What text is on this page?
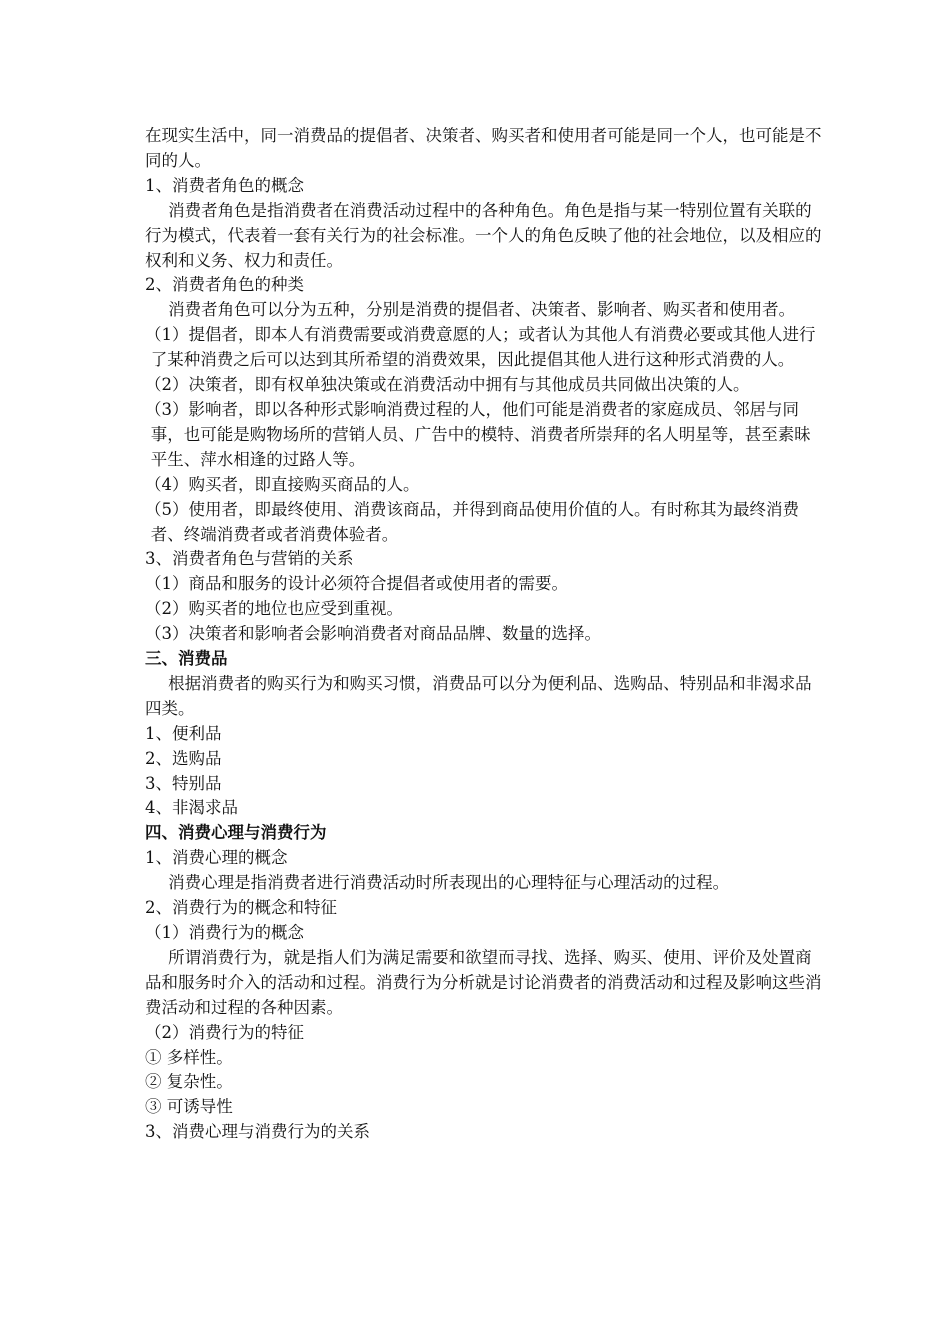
在现实生活中，同一消费品的提倡者、决策者、购买者和使用者可能是同一个人，也可能是不同的人。

1、消费者角色的概念

消费者角色是指消费者在消费活动过程中的各种角色。角色是指与某一特别位置有关联的行为模式，代表着一套有关行为的社会标准。一个人的角色反映了他的社会地位，以及相应的权利和义务、权力和责任。

2、消费者角色的种类

消费者角色可以分为五种，分别是消费的提倡者、决策者、影响者、购买者和使用者。

（1）提倡者，即本人有消费需要或消费意愿的人；或者认为其他人有消费必要或其他人进行了某种消费之后可以达到其所希望的消费效果，因此提倡其他人进行这种形式消费的人。

（2）决策者，即有权单独决策或在消费活动中拥有与其他成员共同做出决策的人。

（3）影响者，即以各种形式影响消费过程的人，他们可能是消费者的家庭成员、邻居与同事，也可能是购物场所的营销人员、广告中的模特、消费者所崇拜的名人明星等，甚至素昧平生、萍水相逢的过路人等。

（4）购买者，即直接购买商品的人。

（5）使用者，即最终使用、消费该商品，并得到商品使用价值的人。有时称其为最终消费者、终端消费者或者消费体验者。

3、消费者角色与营销的关系

（1）商品和服务的设计必须符合提倡者或使用者的需要。

（2）购买者的地位也应受到重视。

（3）决策者和影响者会影响消费者对商品品牌、数量的选择。

三、消费品

根据消费者的购买行为和购买习惯，消费品可以分为便利品、选购品、特别品和非渴求品四类。

1、便利品

2、选购品

3、特别品

4、非渴求品

四、消费心理与消费行为

1、消费心理的概念

消费心理是指消费者进行消费活动时所表现出的心理特征与心理活动的过程。

2、消费行为的概念和特征

（1）消费行为的概念

所谓消费行为，就是指人们为满足需要和欲望而寻找、选择、购买、使用、评价及处置商品和服务时介入的活动和过程。消费行为分析就是讨论消费者的消费活动和过程及影响这些消费活动和过程的各种因素。

（2）消费行为的特征

① 多样性。

② 复杂性。

③ 可诱导性

3、消费心理与消费行为的关系
